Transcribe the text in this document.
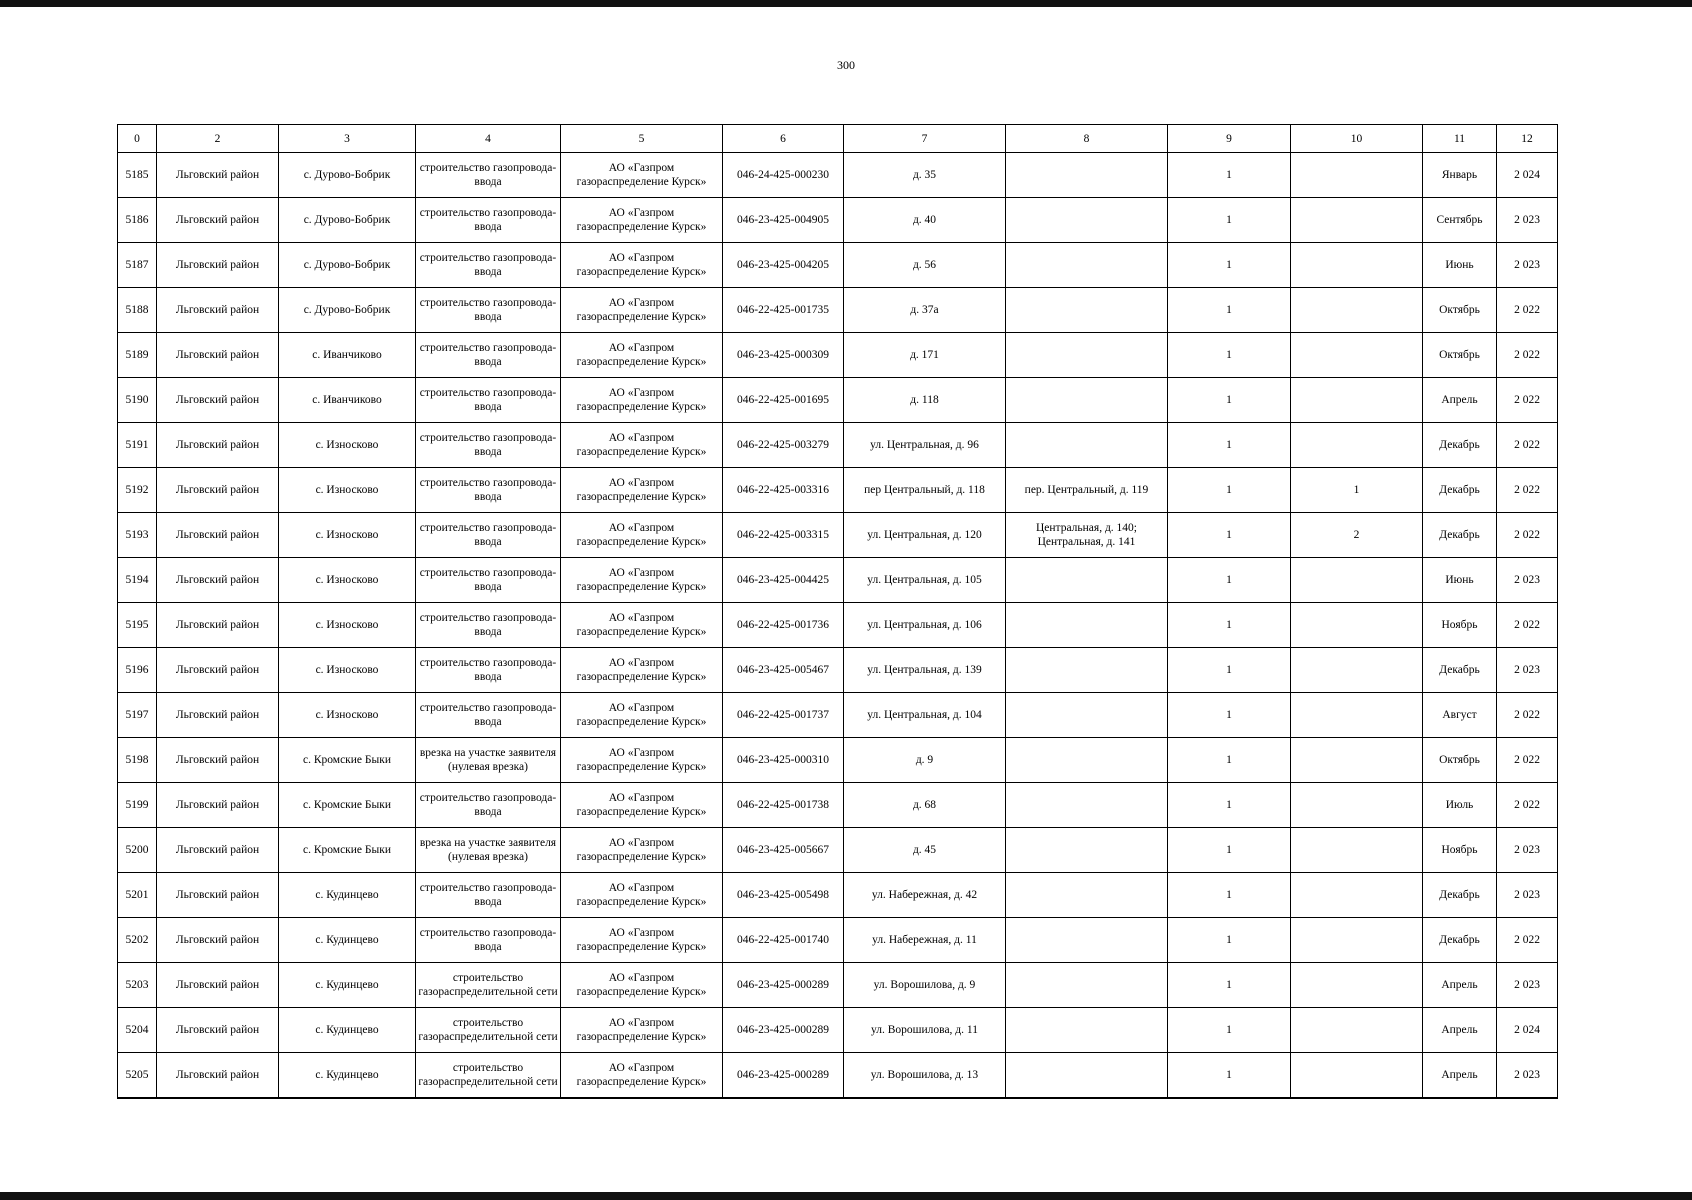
300
0	2	3	4	5	6	7	8	9	10	11	12
5185	Льговский район	с. Дурово-Бобрик	строительство газопровода-ввода	АО «Газпром газораспределение Курск»	046-24-425-000230	д. 35		1		Январь	2 024
5186	Льговский район	с. Дурово-Бобрик	строительство газопровода-ввода	АО «Газпром газораспределение Курск»	046-23-425-004905	д. 40		1		Сентябрь	2 023
5187	Льговский район	с. Дурово-Бобрик	строительство газопровода-ввода	АО «Газпром газораспределение Курск»	046-23-425-004205	д. 56		1		Июнь	2 023
5188	Льговский район	с. Дурово-Бобрик	строительство газопровода-ввода	АО «Газпром газораспределение Курск»	046-22-425-001735	д. 37а		1		Октябрь	2 022
5189	Льговский район	с. Иванчиково	строительство газопровода-ввода	АО «Газпром газораспределение Курск»	046-23-425-000309	д. 171		1		Октябрь	2 022
5190	Льговский район	с. Иванчиково	строительство газопровода-ввода	АО «Газпром газораспределение Курск»	046-22-425-001695	д. 118		1		Апрель	2 022
5191	Льговский район	с. Износково	строительство газопровода-ввода	АО «Газпром газораспределение Курск»	046-22-425-003279	ул. Центральная, д. 96		1		Декабрь	2 022
5192	Льговский район	с. Износково	строительство газопровода-ввода	АО «Газпром газораспределение Курск»	046-22-425-003316	пер Центральный, д. 118	пер. Центральный, д. 119	1	1	Декабрь	2 022
5193	Льговский район	с. Износково	строительство газопровода-ввода	АО «Газпром газораспределение Курск»	046-22-425-003315	ул. Центральная, д. 120	Центральная, д. 140; Центральная, д. 141	1	2	Декабрь	2 022
5194	Льговский район	с. Износково	строительство газопровода-ввода	АО «Газпром газораспределение Курск»	046-23-425-004425	ул. Центральная, д. 105		1		Июнь	2 023
5195	Льговский район	с. Износково	строительство газопровода-ввода	АО «Газпром газораспределение Курск»	046-22-425-001736	ул. Центральная, д. 106		1		Ноябрь	2 022
5196	Льговский район	с. Износково	строительство газопровода-ввода	АО «Газпром газораспределение Курск»	046-23-425-005467	ул. Центральная, д. 139		1		Декабрь	2 023
5197	Льговский район	с. Износково	строительство газопровода-ввода	АО «Газпром газораспределение Курск»	046-22-425-001737	ул. Центральная, д. 104		1		Август	2 022
5198	Льговский район	с. Кромские Быки	врезка на участке заявителя (нулевая врезка)	АО «Газпром газораспределение Курск»	046-23-425-000310	д. 9		1		Октябрь	2 022
5199	Льговский район	с. Кромские Быки	строительство газопровода-ввода	АО «Газпром газораспределение Курск»	046-22-425-001738	д. 68		1		Июль	2 022
5200	Льговский район	с. Кромские Быки	врезка на участке заявителя (нулевая врезка)	АО «Газпром газораспределение Курск»	046-23-425-005667	д. 45		1		Ноябрь	2 023
5201	Льговский район	с. Кудинцево	строительство газопровода-ввода	АО «Газпром газораспределение Курск»	046-23-425-005498	ул. Набережная, д. 42		1		Декабрь	2 023
5202	Льговский район	с. Кудинцево	строительство газопровода-ввода	АО «Газпром газораспределение Курск»	046-22-425-001740	ул. Набережная, д. 11		1		Декабрь	2 022
5203	Льговский район	с. Кудинцево	строительство газораспределительной сети	АО «Газпром газораспределение Курск»	046-23-425-000289	ул. Ворошилова, д. 9		1		Апрель	2 023
5204	Льговский район	с. Кудинцево	строительство газораспределительной сети	АО «Газпром газораспределение Курск»	046-23-425-000289	ул. Ворошилова, д. 11		1		Апрель	2 024
5205	Льговский район	с. Кудинцево	строительство газораспределительной сети	АО «Газпром газораспределение Курск»	046-23-425-000289	ул. Ворошилова, д. 13		1		Апрель	2 023
